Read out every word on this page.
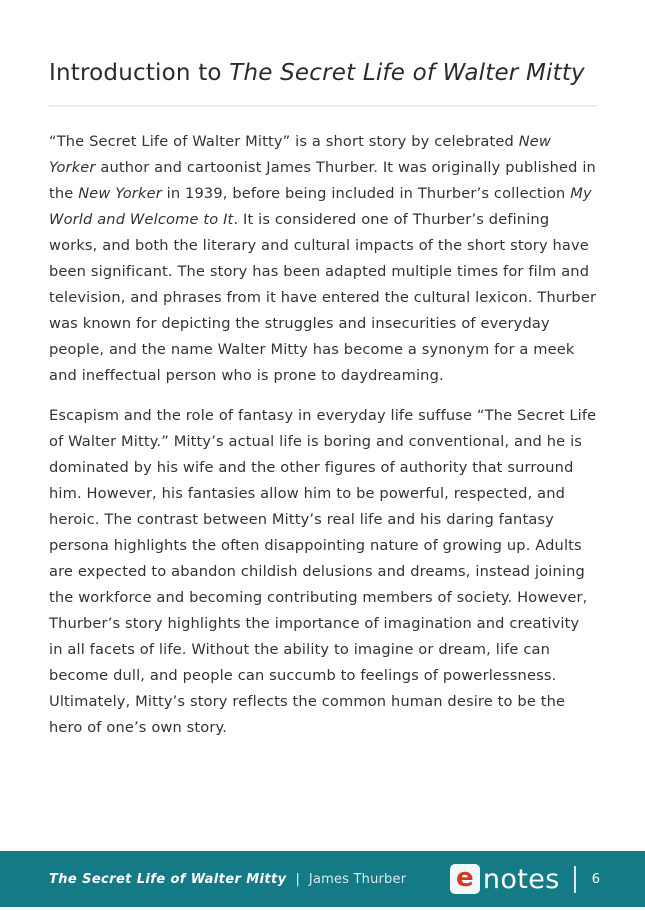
Introduction to The Secret Life of Walter Mitty

“The Secret Life of Walter Mitty” is a short story by celebrated New Yorker author and cartoonist James Thurber. It was originally published in the New Yorker in 1939, before being included in Thurber’s collection My World and Welcome to It. It is considered one of Thurber’s defining works, and both the literary and cultural impacts of the short story have been significant. The story has been adapted multiple times for film and television, and phrases from it have entered the cultural lexicon. Thurber was known for depicting the struggles and insecurities of everyday people, and the name Walter Mitty has become a synonym for a meek and ineffectual person who is prone to daydreaming.

Escapism and the role of fantasy in everyday life suffuse “The Secret Life of Walter Mitty.” Mitty’s actual life is boring and conventional, and he is dominated by his wife and the other figures of authority that surround him. However, his fantasies allow him to be powerful, respected, and heroic. The contrast between Mitty’s real life and his daring fantasy persona highlights the often disappointing nature of growing up. Adults are expected to abandon childish delusions and dreams, instead joining the workforce and becoming contributing members of society. However, Thurber’s story highlights the importance of imagination and creativity in all facets of life. Without the ability to imagine or dream, life can become dull, and people can succumb to feelings of powerlessness. Ultimately, Mitty’s story reflects the common human desire to be the hero of one’s own story.

The Secret Life of Walter Mitty | James Thurber e notes 6
